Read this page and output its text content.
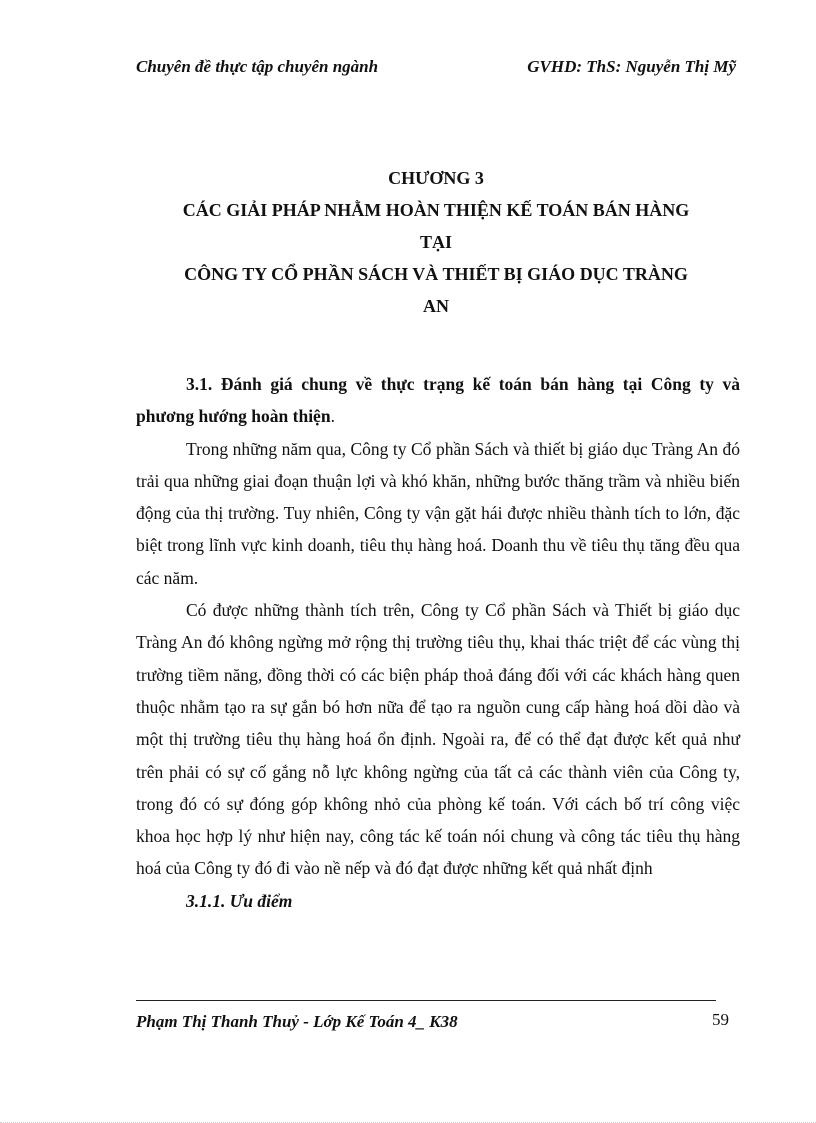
Chuyên đề thực tập chuyên ngành	GVHD: ThS: Nguyễn Thị Mỹ
CHƯƠNG 3
CÁC GIẢI PHÁP NHẰM HOÀN THIỆN KẾ TOÁN BÁN HÀNG
TẠI
CÔNG TY CỔ PHẦN SÁCH VÀ THIẾT BỊ GIÁO DỤC TRÀNG
AN

3.1. Đánh giá chung về thực trạng kế toán bán hàng tại Công ty và phương hướng hoàn thiện.

Trong những năm qua, Công ty Cổ phần Sách và thiết bị giáo dục Tràng An đó trải qua những giai đoạn thuận lợi và khó khăn, những bước thăng trầm và nhiều biến động của thị trường. Tuy nhiên, Công ty vận gặt hái được nhiều thành tích to lớn, đặc biệt trong lĩnh vực kinh doanh, tiêu thụ hàng hoá. Doanh thu về tiêu thụ tăng đều qua các năm.

Có được những thành tích trên, Công ty Cổ phần Sách và Thiết bị giáo dục Tràng An đó không ngừng mở rộng thị trường tiêu thụ, khai thác triệt để các vùng thị trường tiềm năng, đồng thời có các biện pháp thoả đáng đối với các khách hàng quen thuộc nhằm tạo ra sự gắn bó hơn nữa để tạo ra nguồn cung cấp hàng hoá dồi dào và một thị trường tiêu thụ hàng hoá ổn định. Ngoài ra, để có thể đạt được kết quả như trên phải có sự cố gắng nỗ lực không ngừng của tất cả các thành viên của Công ty, trong đó có sự đóng góp không nhỏ của phòng kế toán. Với cách bố trí công việc khoa học hợp lý như hiện nay, công tác kế toán nói chung và công tác tiêu thụ hàng hoá của Công ty đó đi vào nề nếp và đó đạt được những kết quả nhất định

3.1.1. Ưu điểm

Phạm Thị Thanh Thuỷ - Lớp Kế Toán 4_ K38	59
